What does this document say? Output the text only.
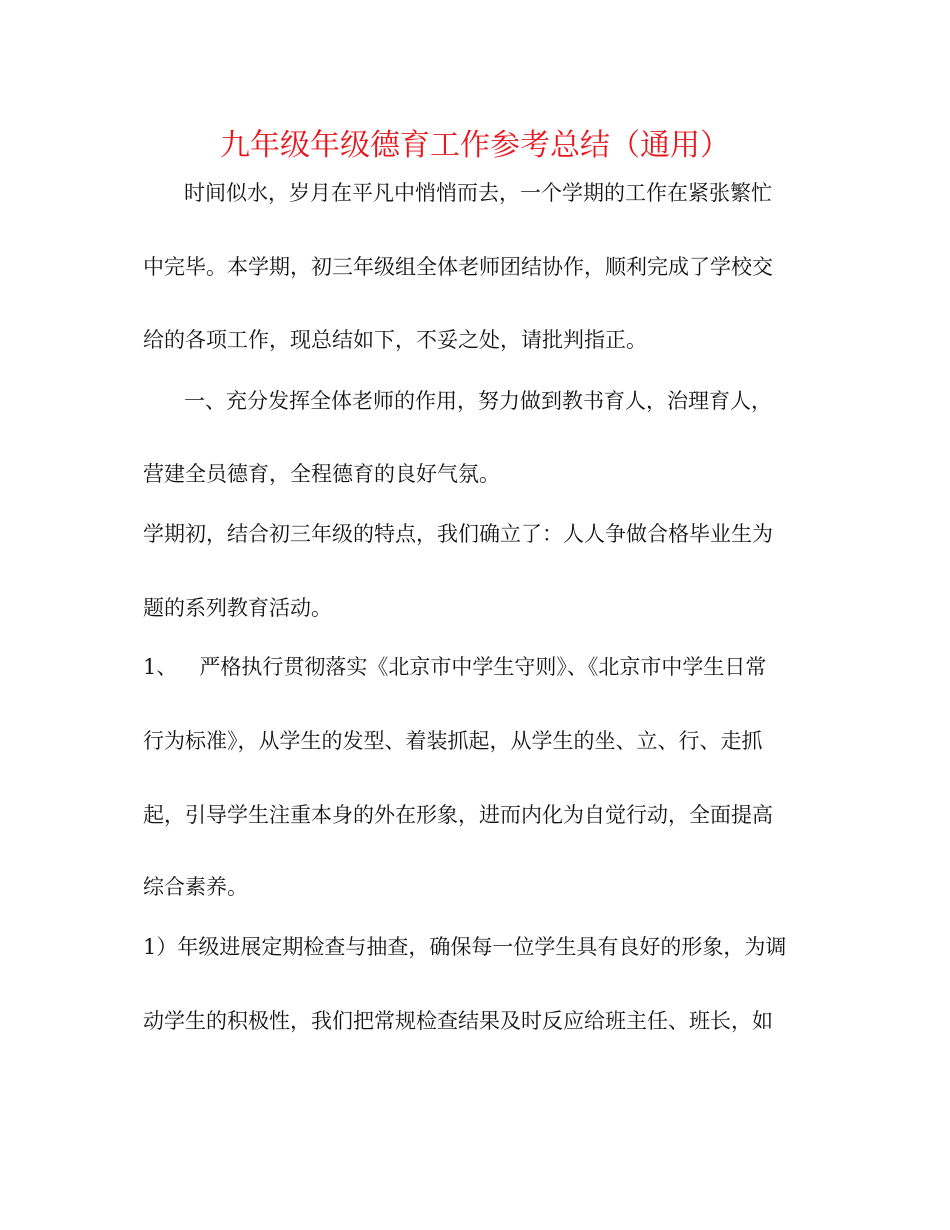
九年级年级德育工作参考总结（通用）

时间似水，岁月在平凡中悄悄而去，一个学期的工作在紧张繁忙

中完毕。本学期，初三年级组全体老师团结协作，顺利完成了学校交

给的各项工作，现总结如下，不妥之处，请批判指正。

一、充分发挥全体老师的作用，努力做到教书育人，治理育人，

营建全员德育，全程德育的良好气氛。

学期初，结合初三年级的特点，我们确立了：人人争做合格毕业生为

题的系列教育活动。

1、 严格执行贯彻落实《北京市中学生守则》、《北京市中学生日常

行为标准》，从学生的发型、着装抓起，从学生的坐、立、行、走抓

起，引导学生注重本身的外在形象，进而内化为自觉行动，全面提高

综合素养。

1）年级进展定期检查与抽查，确保每一位学生具有良好的形象，为调

动学生的积极性，我们把常规检查结果及时反应给班主任、班长，如
